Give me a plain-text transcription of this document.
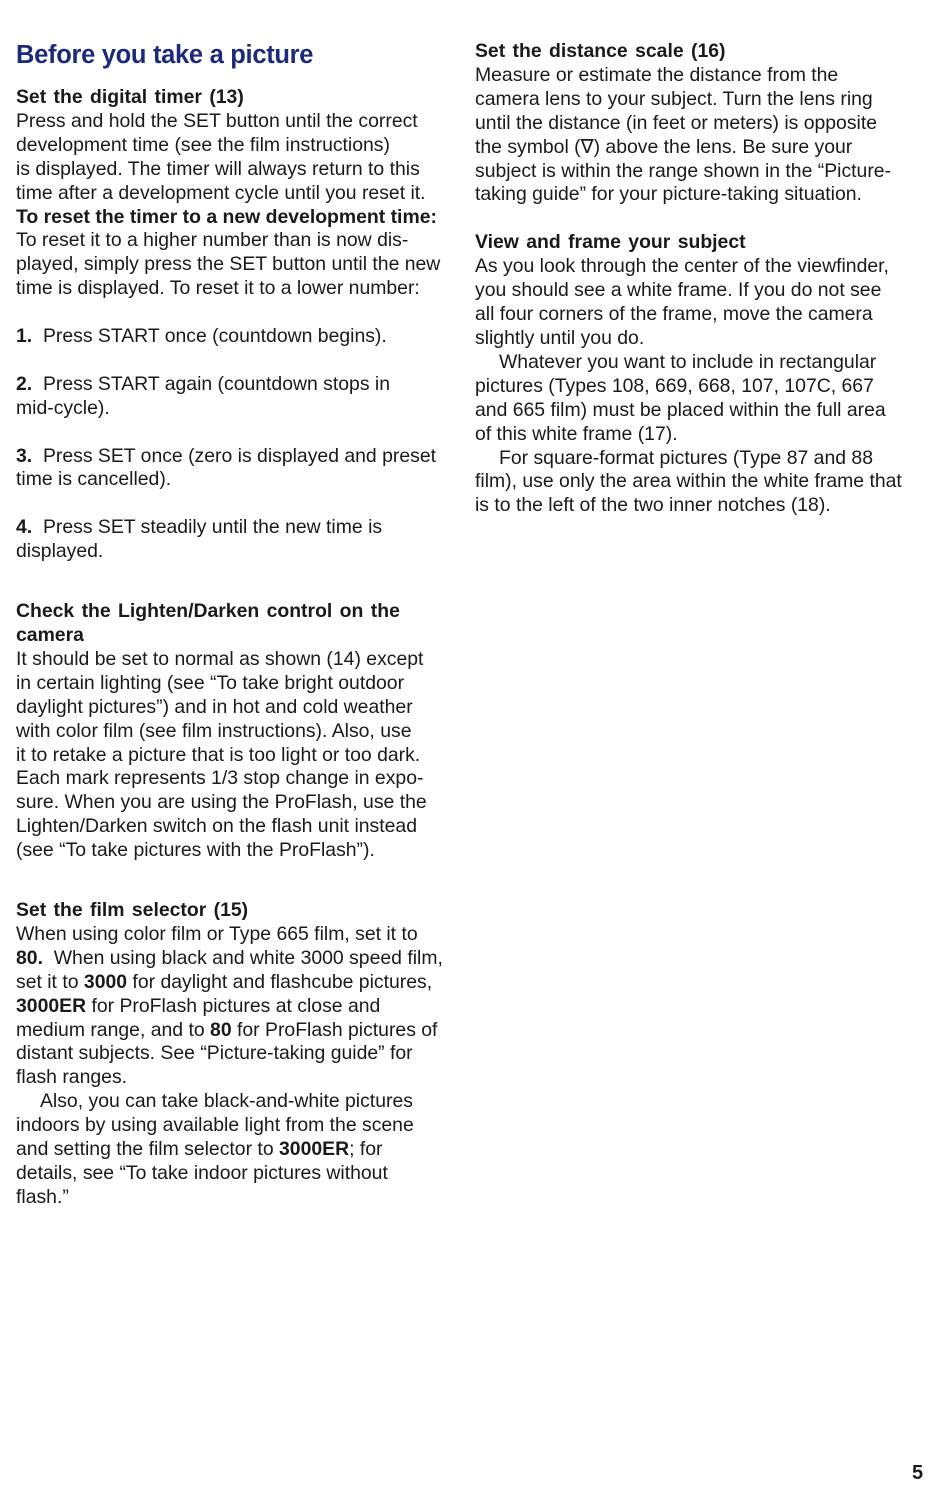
Before you take a picture
Set the digital timer (13)
Press and hold the SET button until the correct
development time (see the film instructions)
is displayed. The timer will always return to this
time after a development cycle until you reset it.
To reset the timer to a new development time:
To reset it to a higher number than is now dis-
played, simply press the SET button until the new
time is displayed. To reset it to a lower number:
1. Press START once (countdown begins).
2. Press START again (countdown stops in
mid-cycle).
3. Press SET once (zero is displayed and preset
time is cancelled).
4. Press SET steadily until the new time is
displayed.
Check the Lighten/Darken control on the
camera
It should be set to normal as shown (14) except
in certain lighting (see “To take bright outdoor
daylight pictures”) and in hot and cold weather
with color film (see film instructions). Also, use
it to retake a picture that is too light or too dark.
Each mark represents 1/3 stop change in expo-
sure. When you are using the ProFlash, use the
Lighten/Darken switch on the flash unit instead
(see “To take pictures with the ProFlash”).
Set the film selector (15)
When using color film or Type 665 film, set it to
80.  When using black and white 3000 speed film,
set it to 3000 for daylight and flashcube pictures,
3000ER for ProFlash pictures at close and
medium range, and to 80 for ProFlash pictures of
distant subjects. See “Picture-taking guide” for
flash ranges.
Also, you can take black-and-white pictures
indoors by using available light from the scene
and setting the film selector to 3000ER; for
details, see “To take indoor pictures without
flash.”
Set the distance scale (16)
Measure or estimate the distance from the
camera lens to your subject. Turn the lens ring
until the distance (in feet or meters) is opposite
the symbol (∇) above the lens. Be sure your
subject is within the range shown in the “Picture-
taking guide” for your picture-taking situation.
View and frame your subject
As you look through the center of the viewfinder,
you should see a white frame. If you do not see
all four corners of the frame, move the camera
slightly until you do.
Whatever you want to include in rectangular
pictures (Types 108, 669, 668, 107, 107C, 667
and 665 film) must be placed within the full area
of this white frame (17).
For square-format pictures (Type 87 and 88
film), use only the area within the white frame that
is to the left of the two inner notches (18).
5
